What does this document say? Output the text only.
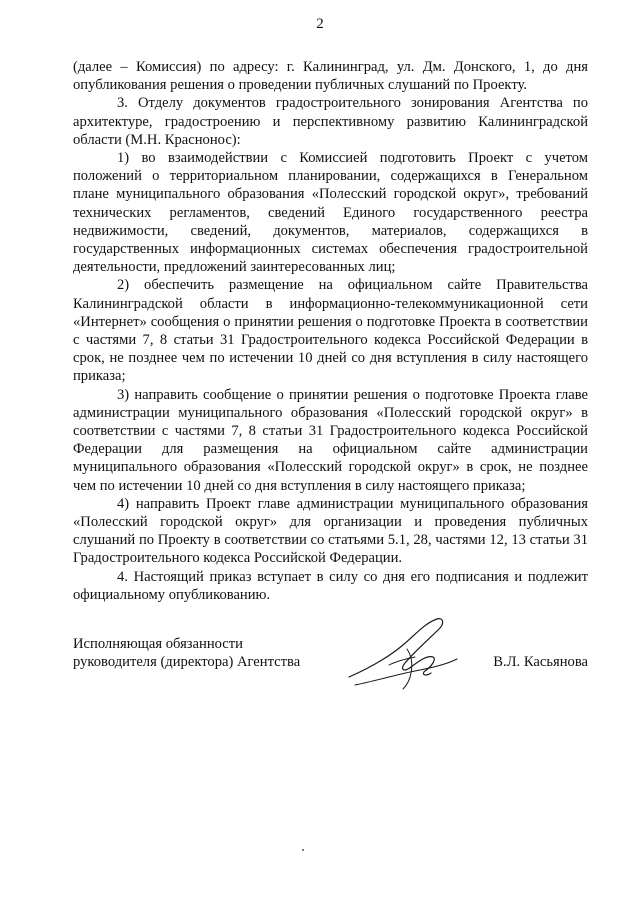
2

(далее – Комиссия) по адресу: г. Калининград, ул. Дм. Донского, 1, до дня опубликования решения о проведении публичных слушаний по Проекту.

3. Отделу документов градостроительного зонирования Агентства по архитектуре, градостроению и перспективному развитию Калининградской области (М.Н. Краснонос):

1) во взаимодействии с Комиссией подготовить Проект с учетом положений о территориальном планировании, содержащихся в Генеральном плане муниципального образования «Полесский городской округ», требований технических регламентов, сведений Единого государственного реестра недвижимости, сведений, документов, материалов, содержащихся в государственных информационных системах обеспечения градостроительной деятельности, предложений заинтересованных лиц;

2) обеспечить размещение на официальном сайте Правительства Калининградской области в информационно-телекоммуникационной сети «Интернет» сообщения о принятии решения о подготовке Проекта в соответствии с частями 7, 8 статьи 31 Градостроительного кодекса Российской Федерации в срок, не позднее чем по истечении 10 дней со дня вступления в силу настоящего приказа;

3) направить сообщение о принятии решения о подготовке Проекта главе администрации муниципального образования «Полесский городской округ» в соответствии с частями 7, 8 статьи 31 Градостроительного кодекса Российской Федерации для размещения на официальном сайте администрации муниципального образования «Полесский городской округ» в срок, не позднее чем по истечении 10 дней со дня вступления в силу настоящего приказа;

4) направить Проект главе администрации муниципального образования «Полесский городской округ» для организации и проведения публичных слушаний по Проекту в соответствии со статьями 5.1, 28, частями 12, 13 статьи 31 Градостроительного кодекса Российской Федерации.

4. Настоящий приказ вступает в силу со дня его подписания и подлежит официальному опубликованию.

Исполняющая обязанности
руководителя (директора) Агентства	В.Л. Касьянова
